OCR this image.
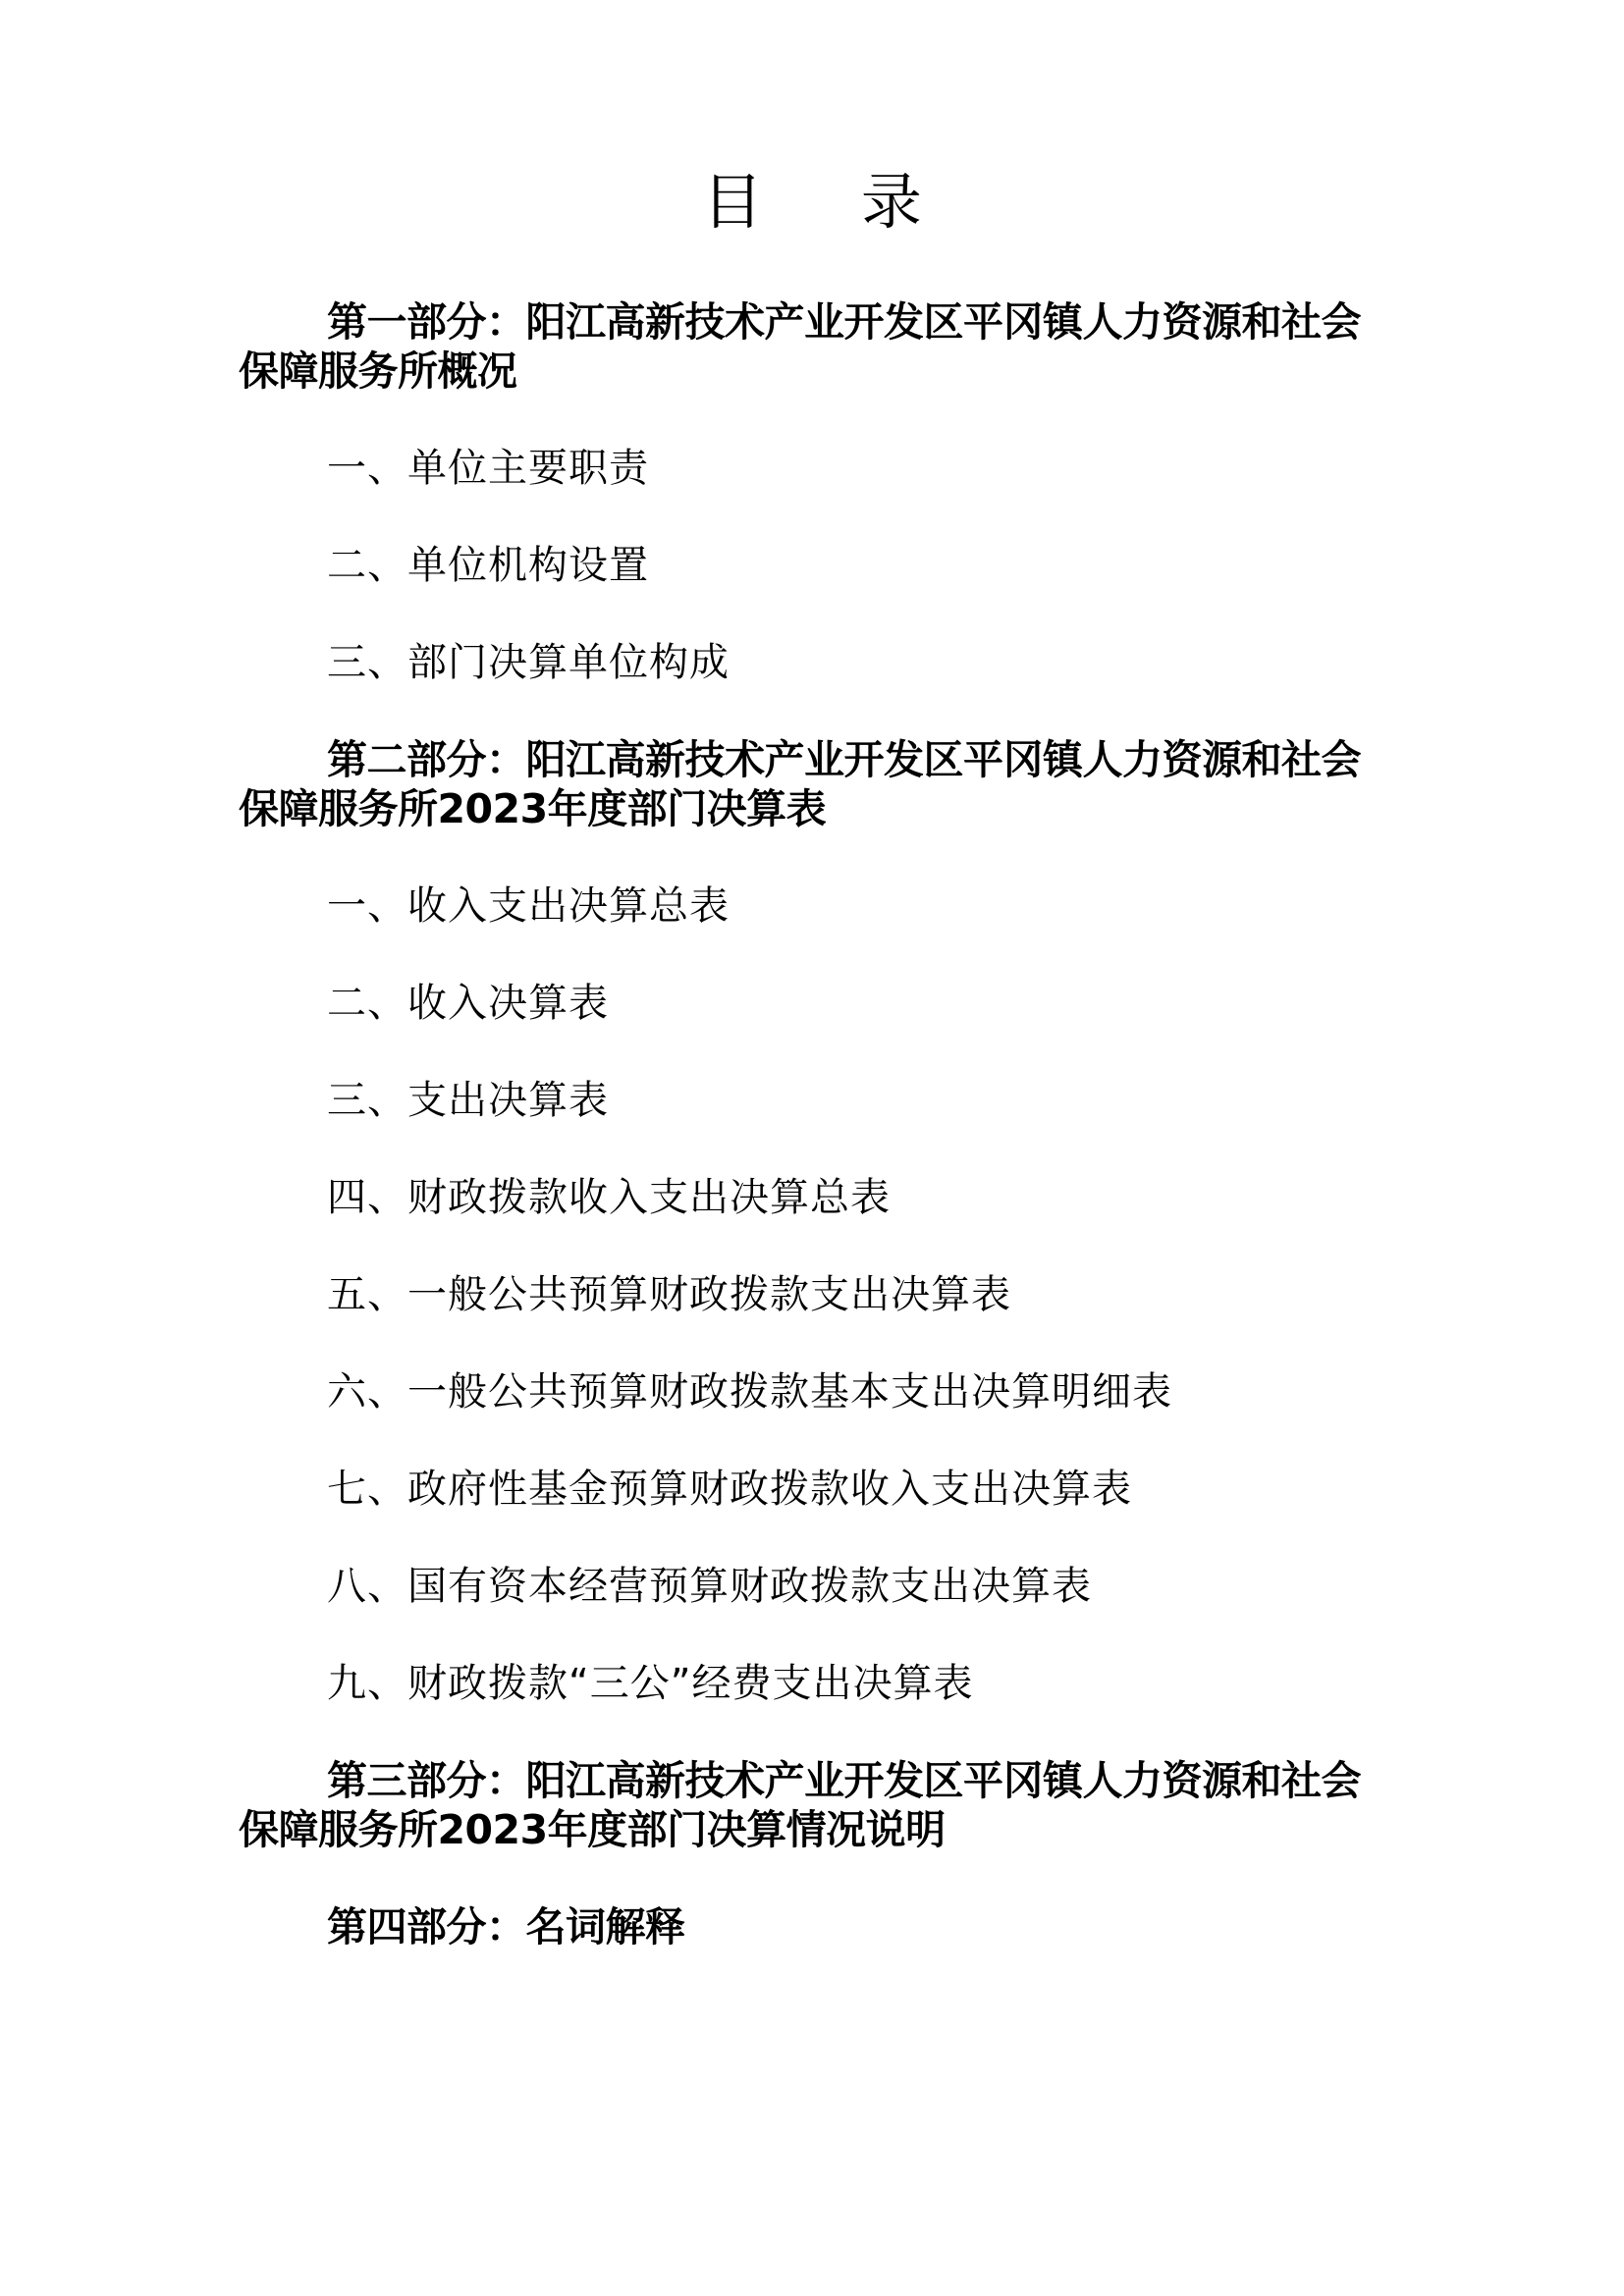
目 录
第一部分：阳江高新技术产业开发区平冈镇人力资源和社会保障服务所概况
一、单位主要职责
二、单位机构设置
三、部门决算单位构成
第二部分：阳江高新技术产业开发区平冈镇人力资源和社会保障服务所2023年度部门决算表
一、收入支出决算总表
二、收入决算表
三、支出决算表
四、财政拨款收入支出决算总表
五、一般公共预算财政拨款支出决算表
六、一般公共预算财政拨款基本支出决算明细表
七、政府性基金预算财政拨款收入支出决算表
八、国有资本经营预算财政拨款支出决算表
九、财政拨款“三公”经费支出决算表
第三部分：阳江高新技术产业开发区平冈镇人力资源和社会保障服务所2023年度部门决算情况说明
第四部分：名词解释
